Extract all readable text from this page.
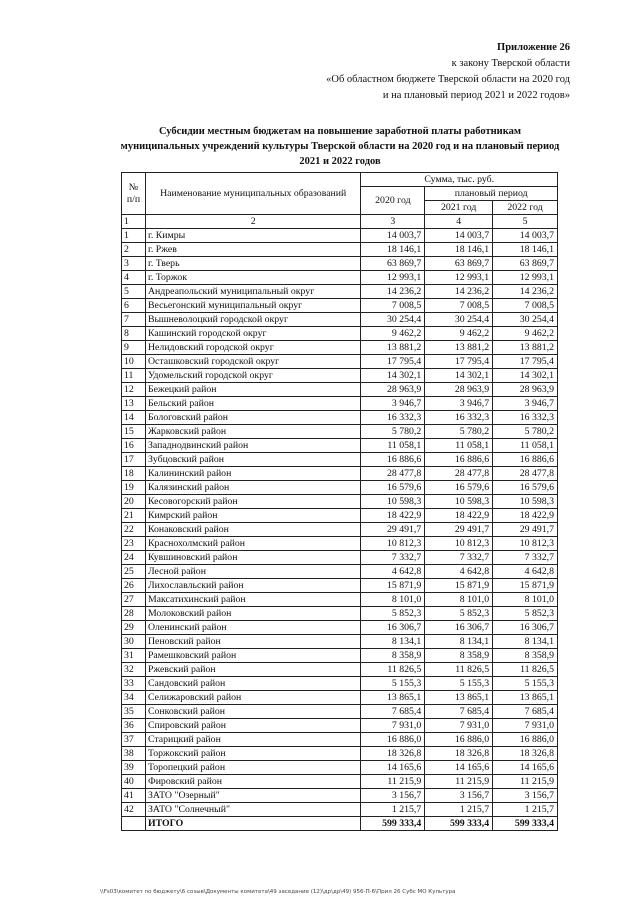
Приложение 26
к закону Тверской области
«Об областном бюджете Тверской области на 2020 год
и на плановый период 2021 и 2022 годов»
Субсидии местным бюджетам на повышение заработной платы работникам муниципальных учреждений культуры Тверской области на 2020 год и на плановый период 2021 и 2022 годов
№ п/п	Наименование муниципальных образований	Сумма, тыс. руб.		
		2020 год	плановый период	
			2021 год	2022 год
1	2	3	4	5
1	г. Кимры	14 003,7	14 003,7	14 003,7
2	г. Ржев	18 146,1	18 146,1	18 146,1
3	г. Тверь	63 869,7	63 869,7	63 869,7
4	г. Торжок	12 993,1	12 993,1	12 993,1
5	Андреапольский муниципальный округ	14 236,2	14 236,2	14 236,2
6	Весьегонский муниципальный округ	7 008,5	7 008,5	7 008,5
7	Вышневолоцкий городской округ	30 254,4	30 254,4	30 254,4
8	Кашинский городской округ	9 462,2	9 462,2	9 462,2
9	Нелидовский городской округ	13 881,2	13 881,2	13 881,2
10	Осташковский городской округ	17 795,4	17 795,4	17 795,4
11	Удомельский городской округ	14 302,1	14 302,1	14 302,1
12	Бежецкий район	28 963,9	28 963,9	28 963,9
13	Бельский район	3 946,7	3 946,7	3 946,7
14	Бологовский район	16 332,3	16 332,3	16 332,3
15	Жарковский район	5 780,2	5 780,2	5 780,2
16	Западнодвинский район	11 058,1	11 058,1	11 058,1
17	Зубцовский район	16 886,6	16 886,6	16 886,6
18	Калининский район	28 477,8	28 477,8	28 477,8
19	Калязинский район	16 579,6	16 579,6	16 579,6
20	Кесовогорский район	10 598,3	10 598,3	10 598,3
21	Кимрский район	18 422,9	18 422,9	18 422,9
22	Конаковский район	29 491,7	29 491,7	29 491,7
23	Краснохолмский район	10 812,3	10 812,3	10 812,3
24	Кувшиновский район	7 332,7	7 332,7	7 332,7
25	Лесной район	4 642,8	4 642,8	4 642,8
26	Лихославльский район	15 871,9	15 871,9	15 871,9
27	Максатихинский район	8 101,0	8 101,0	8 101,0
28	Молоковский район	5 852,3	5 852,3	5 852,3
29	Оленинский район	16 306,7	16 306,7	16 306,7
30	Пеновский район	8 134,1	8 134,1	8 134,1
31	Рамешковский район	8 358,9	8 358,9	8 358,9
32	Ржевский район	11 826,5	11 826,5	11 826,5
33	Сандовский район	5 155,3	5 155,3	5 155,3
34	Селижаровский район	13 865,1	13 865,1	13 865,1
35	Сонковский район	7 685,4	7 685,4	7 685,4
36	Спировский район	7 931,0	7 931,0	7 931,0
37	Старицкий район	16 886,0	16 886,0	16 886,0
38	Торжокский район	18 326,8	18 326,8	18 326,8
39	Торопецкий район	14 165,6	14 165,6	14 165,6
40	Фировский район	11 215,9	11 215,9	11 215,9
41	ЗАТО "Озерный"	3 156,7	3 156,7	3 156,7
42	ЗАТО "Солнечный"	1 215,7	1 215,7	1 215,7
	ИТОГО	599 333,4	599 333,4	599 333,4
\\Fs03\комитет по бюджету\6 созыв\Документы комитета\49 заседание (12)\др\др\49) 956-П-6\Прил 26 Субс МО Культура
